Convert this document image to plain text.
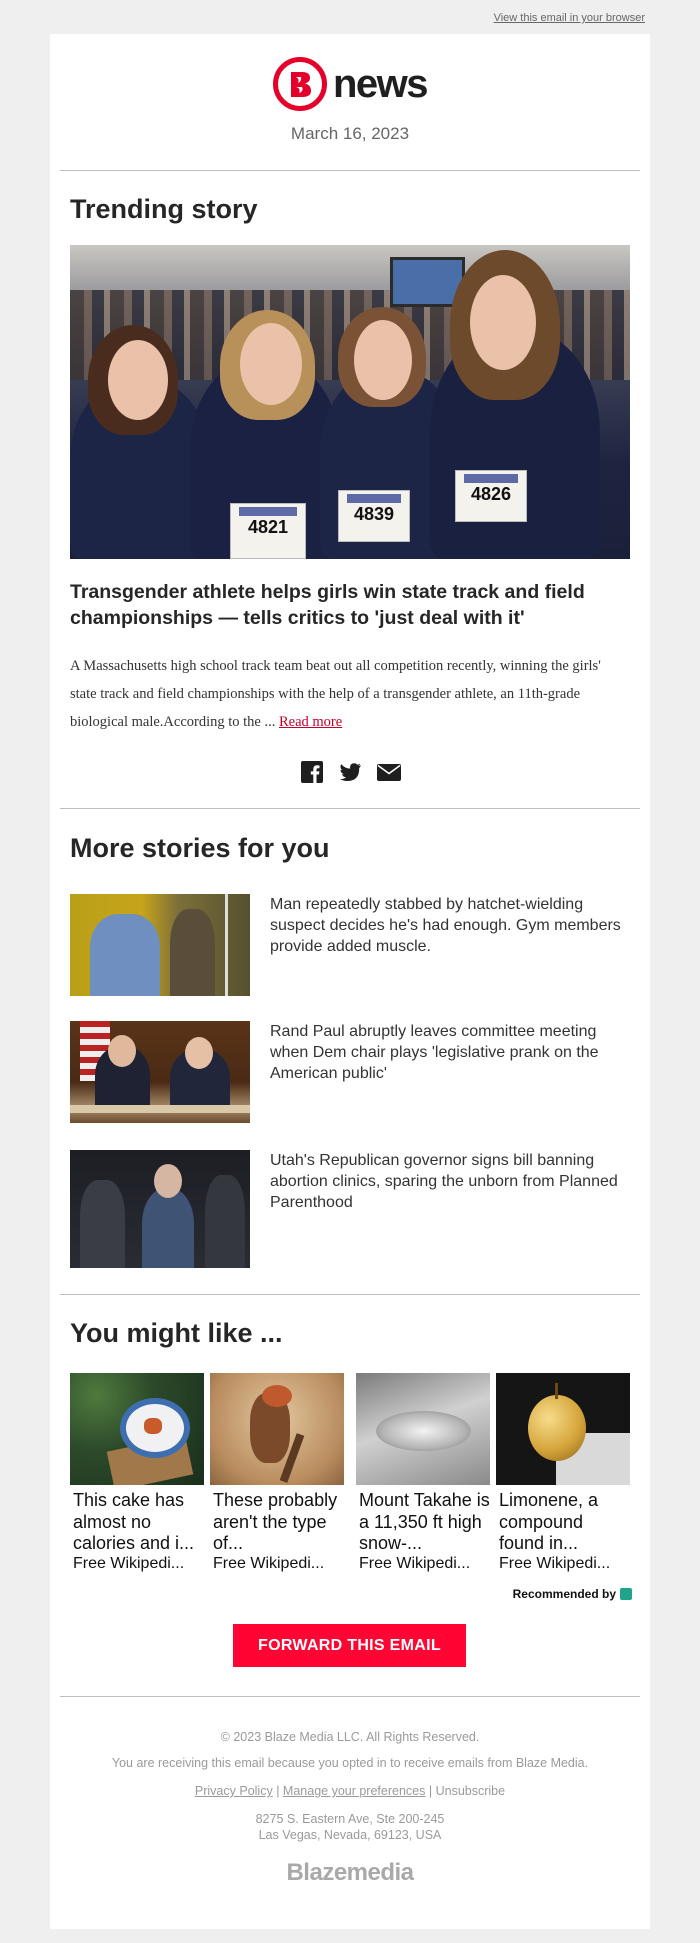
View this email in your browser
news
March 16, 2023
Trending story
4821
4839
4826
Transgender athlete helps girls win state track and field championships — tells critics to 'just deal with it'
A Massachusetts high school track team beat out all competition recently, winning the girls' state track and field championships with the help of a transgender athlete, an 11th-grade biological male.According to the ... Read more
More stories for you
Man repeatedly stabbed by hatchet-wielding suspect decides he's had enough. Gym members provide added muscle.
Rand Paul abruptly leaves committee meeting when Dem chair plays 'legislative prank on the American public'
Utah's Republican governor signs bill banning abortion clinics, sparing the unborn from Planned Parenthood
You might like ...
This cake has almost no calories and i...
Free Wikipedi...
These probably aren't the type of...
Free Wikipedi...
Mount Takahe is a 11,350 ft high snow-...
Free Wikipedi...
Limonene, a compound found in...
Free Wikipedi...
Recommended by
FORWARD THIS EMAIL
© 2023 Blaze Media LLC. All Rights Reserved.
You are receiving this email because you opted in to receive emails from Blaze Media.
Privacy Policy | Manage your preferences | Unsubscribe
8275 S. Eastern Ave, Ste 200-245
Las Vegas, Nevada, 69123, USA
Blazemedia
